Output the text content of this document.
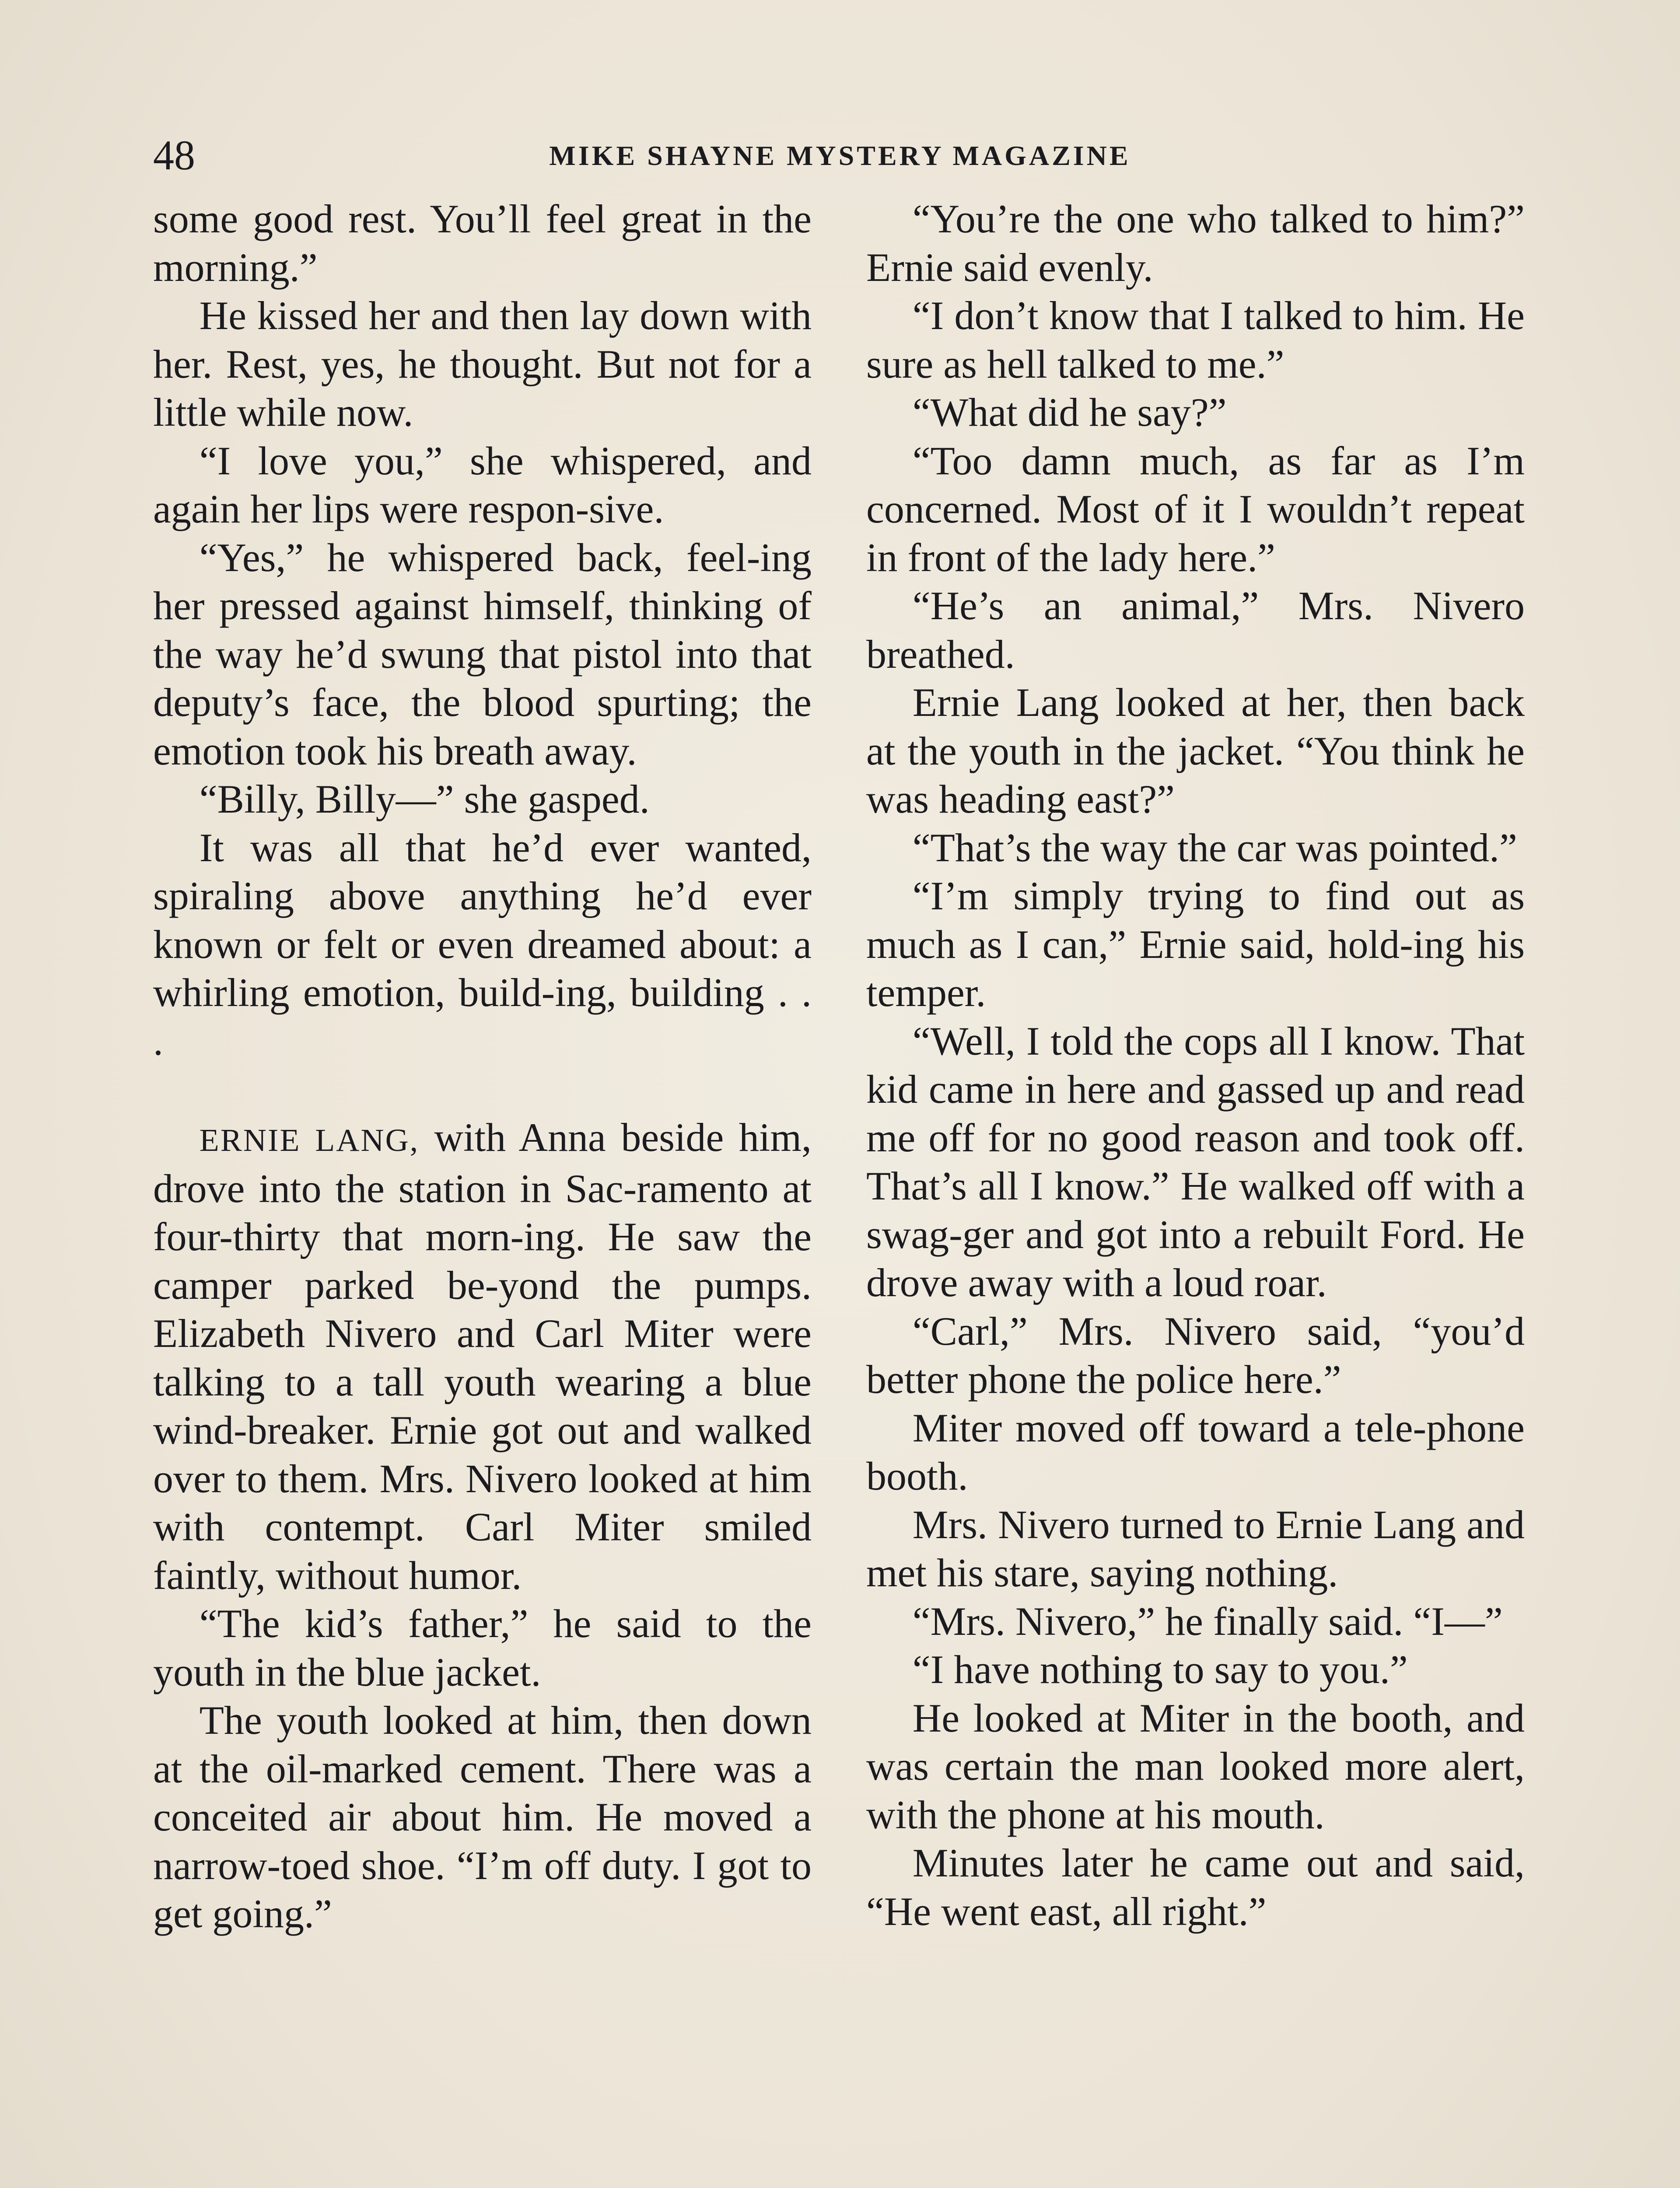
48	MIKE SHAYNE MYSTERY MAGAZINE

some good rest. You’ll feel great in the morning.”

He kissed her and then lay down with her. Rest, yes, he thought. But not for a little while now.

“I love you,” she whispered, and again her lips were respon-sive.

“Yes,” he whispered back, feel-ing her pressed against himself, thinking of the way he’d swung that pistol into that deputy’s face, the blood spurting; the emotion took his breath away.

“Billy, Billy—” she gasped.

It was all that he’d ever wanted, spiraling above anything he’d ever known or felt or even dreamed about: a whirling emotion, build-ing, building . . .

ERNIE LANG, with Anna beside him, drove into the station in Sac-ramento at four-thirty that morn-ing. He saw the camper parked be-yond the pumps. Elizabeth Nivero and Carl Miter were talking to a tall youth wearing a blue wind-breaker. Ernie got out and walked over to them. Mrs. Nivero looked at him with contempt. Carl Miter smiled faintly, without humor.

“The kid’s father,” he said to the youth in the blue jacket.

The youth looked at him, then down at the oil-marked cement. There was a conceited air about him. He moved a narrow-toed shoe. “I’m off duty. I got to get going.”

“You’re the one who talked to him?” Ernie said evenly.

“I don’t know that I talked to him. He sure as hell talked to me.”

“What did he say?”

“Too damn much, as far as I’m concerned. Most of it I wouldn’t repeat in front of the lady here.”

“He’s an animal,” Mrs. Nivero breathed.

Ernie Lang looked at her, then back at the youth in the jacket. “You think he was heading east?”

“That’s the way the car was pointed.”

“I’m simply trying to find out as much as I can,” Ernie said, hold-ing his temper.

“Well, I told the cops all I know. That kid came in here and gassed up and read me off for no good reason and took off. That’s all I know.” He walked off with a swag-ger and got into a rebuilt Ford. He drove away with a loud roar.

“Carl,” Mrs. Nivero said, “you’d better phone the police here.”

Miter moved off toward a tele-phone booth.

Mrs. Nivero turned to Ernie Lang and met his stare, saying nothing.

“Mrs. Nivero,” he finally said. “I—”

“I have nothing to say to you.”

He looked at Miter in the booth, and was certain the man looked more alert, with the phone at his mouth.

Minutes later he came out and said, “He went east, all right.”
